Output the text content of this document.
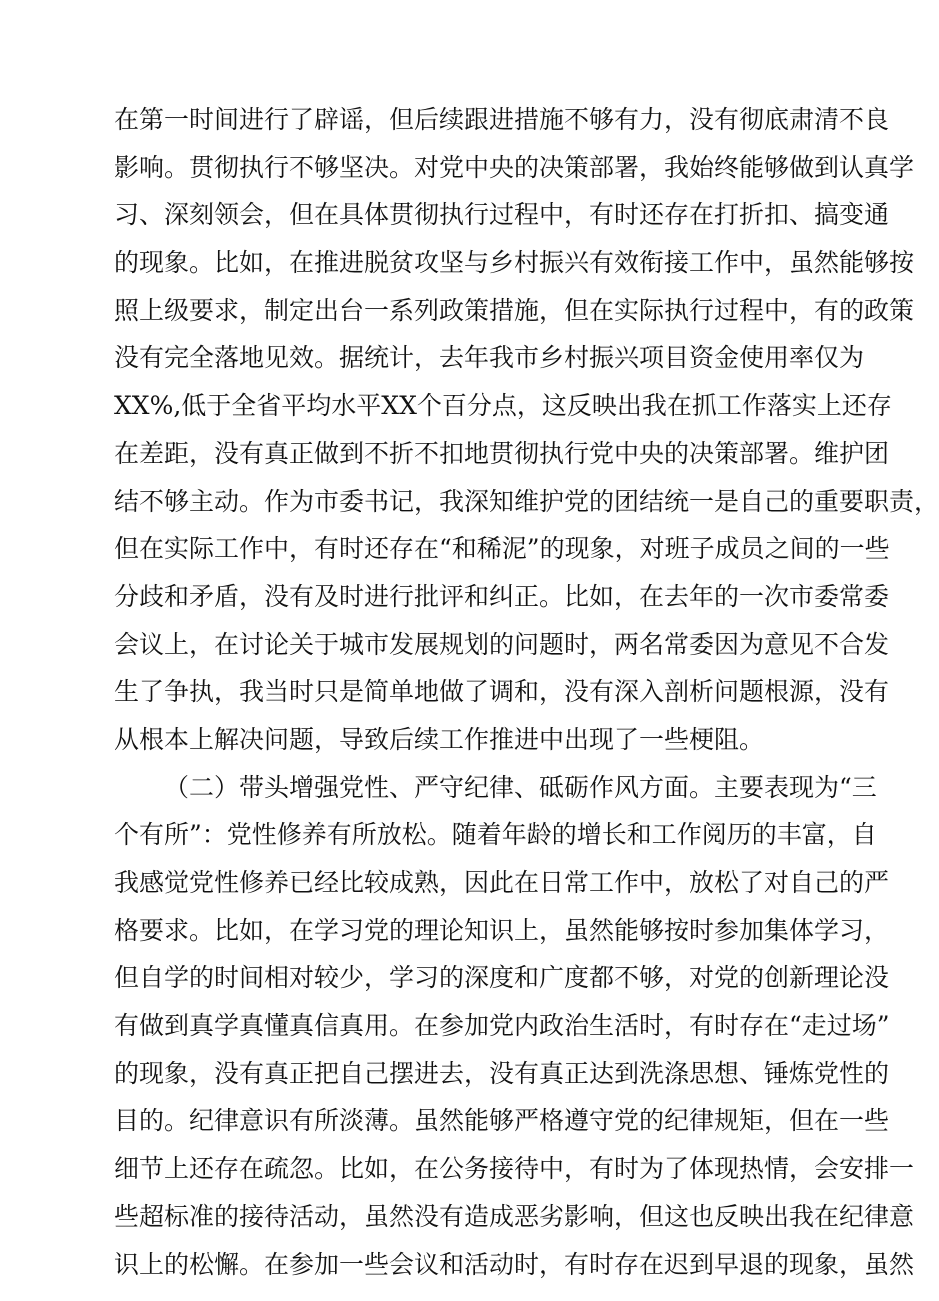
在第一时间进行了辟谣，但后续跟进措施不够有力，没有彻底肃清不良
影响。贯彻执行不够坚决。对党中央的决策部署，我始终能够做到认真学
习、深刻领会，但在具体贯彻执行过程中，有时还存在打折扣、搞变通
的现象。比如，在推进脱贫攻坚与乡村振兴有效衔接工作中，虽然能够按
照上级要求，制定出台一系列政策措施，但在实际执行过程中，有的政策
没有完全落地见效。据统计，去年我市乡村振兴项目资金使用率仅为
XX%,低于全省平均水平XX个百分点，这反映出我在抓工作落实上还存
在差距，没有真正做到不折不扣地贯彻执行党中央的决策部署。维护团
结不够主动。作为市委书记，我深知维护党的团结统一是自己的重要职责，
但在实际工作中，有时还存在“和稀泥”的现象，对班子成员之间的一些
分歧和矛盾，没有及时进行批评和纠正。比如，在去年的一次市委常委
会议上，在讨论关于城市发展规划的问题时，两名常委因为意见不合发
生了争执，我当时只是简单地做了调和，没有深入剖析问题根源，没有
从根本上解决问题，导致后续工作推进中出现了一些梗阻。
（二）带头增强党性、严守纪律、砥砺作风方面。主要表现为“三
个有所”：党性修养有所放松。随着年龄的增长和工作阅历的丰富，自
我感觉党性修养已经比较成熟，因此在日常工作中，放松了对自己的严
格要求。比如，在学习党的理论知识上，虽然能够按时参加集体学习，
但自学的时间相对较少，学习的深度和广度都不够，对党的创新理论没
有做到真学真懂真信真用。在参加党内政治生活时，有时存在“走过场”
的现象，没有真正把自己摆进去，没有真正达到洗涤思想、锤炼党性的
目的。纪律意识有所淡薄。虽然能够严格遵守党的纪律规矩，但在一些
细节上还存在疏忽。比如，在公务接待中，有时为了体现热情，会安排一
些超标准的接待活动，虽然没有造成恶劣影响，但这也反映出我在纪律意
识上的松懈。在参加一些会议和活动时，有时存在迟到早退的现象，虽然
